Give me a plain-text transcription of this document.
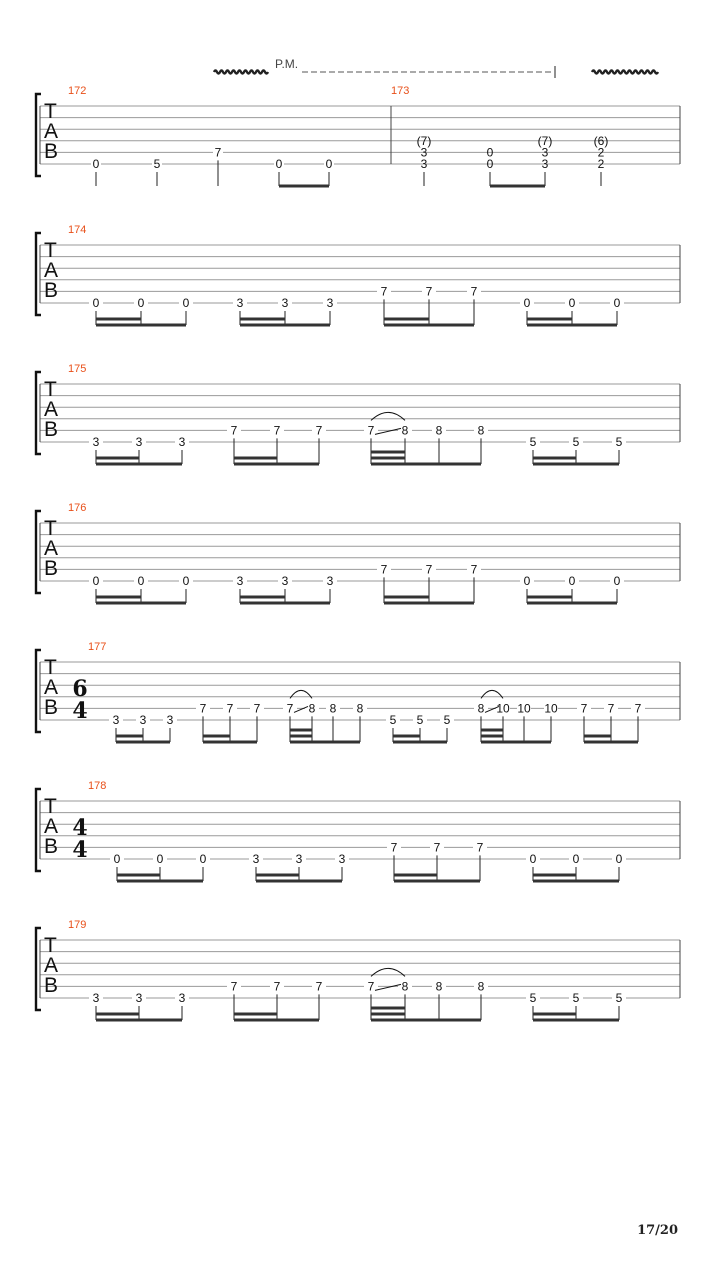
P.M.
T
A
B
172	173
0	5
7
0	0
(7)
3
3
0
0
(7)
3
3
(6)
2
2
T
A
B
174
0	0	0	3	3	3
7	7	7
0	0	0
T
A
B
175
3	3	3
7	7	7	7 8 8	8
5	5	5
T
A
B
176
0	0	0	3	3	3
7	7	7
0	0	0
T
A
B
177
6
4 3 3 3
7 7 7 7 8 8 8
5 5 5
8 10 10 10 7 7 7
T
A
B
178
4
4 0	0	0	3	3	3
7	7	7
0	0	0
T
A
B
179
3	3	3
7	7	7	7 8 8	8
5	5	5
17/20
